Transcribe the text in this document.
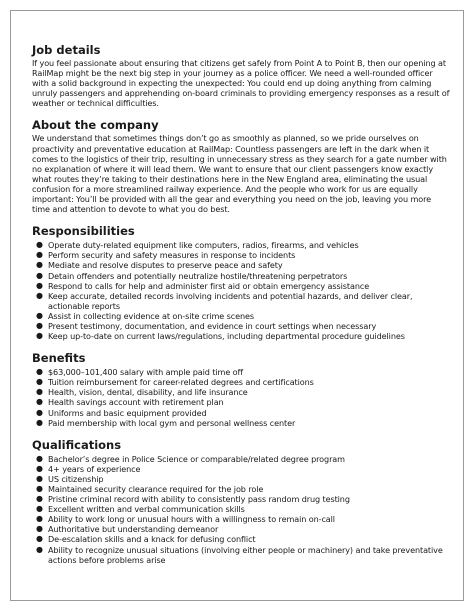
Job details

If you feel passionate about ensuring that citizens get safely from Point A to Point B, then our opening at RailMap might be the next big step in your journey as a police officer. We need a well-rounded officer with a solid background in expecting the unexpected: You could end up doing anything from calming unruly passengers and apprehending on-board criminals to providing emergency responses as a result of weather or technical difficulties.

About the company

We understand that sometimes things don’t go as smoothly as planned, so we pride ourselves on proactivity and preventative education at RailMap: Countless passengers are left in the dark when it comes to the logistics of their trip, resulting in unnecessary stress as they search for a gate number with no explanation of where it will lead them. We want to ensure that our client passengers know exactly what routes they’re taking to their destinations here in the New England area, eliminating the usual confusion for a more streamlined railway experience. And the people who work for us are equally important: You’ll be provided with all the gear and everything you need on the job, leaving you more time and attention to devote to what you do best.

Responsibilities
● Operate duty-related equipment like computers, radios, firearms, and vehicles
● Perform security and safety measures in response to incidents
● Mediate and resolve disputes to preserve peace and safety
● Detain offenders and potentially neutralize hostile/threatening perpetrators
● Respond to calls for help and administer first aid or obtain emergency assistance
● Keep accurate, detailed records involving incidents and potential hazards, and deliver clear, actionable reports
● Assist in collecting evidence at on-site crime scenes
● Present testimony, documentation, and evidence in court settings when necessary
● Keep up-to-date on current laws/regulations, including departmental procedure guidelines
Benefits
● $63,000–101,400 salary with ample paid time off
● Tuition reimbursement for career-related degrees and certifications
● Health, vision, dental, disability, and life insurance
● Health savings account with retirement plan
● Uniforms and basic equipment provided
● Paid membership with local gym and personal wellness center
Qualifications
● Bachelor’s degree in Police Science or comparable/related degree program
● 4+ years of experience
● US citizenship
● Maintained security clearance required for the job role
● Pristine criminal record with ability to consistently pass random drug testing
● Excellent written and verbal communication skills
● Ability to work long or unusual hours with a willingness to remain on-call
● Authoritative but understanding demeanor
● De-escalation skills and a knack for defusing conflict
● Ability to recognize unusual situations (involving either people or machinery) and take preventative actions before problems arise
